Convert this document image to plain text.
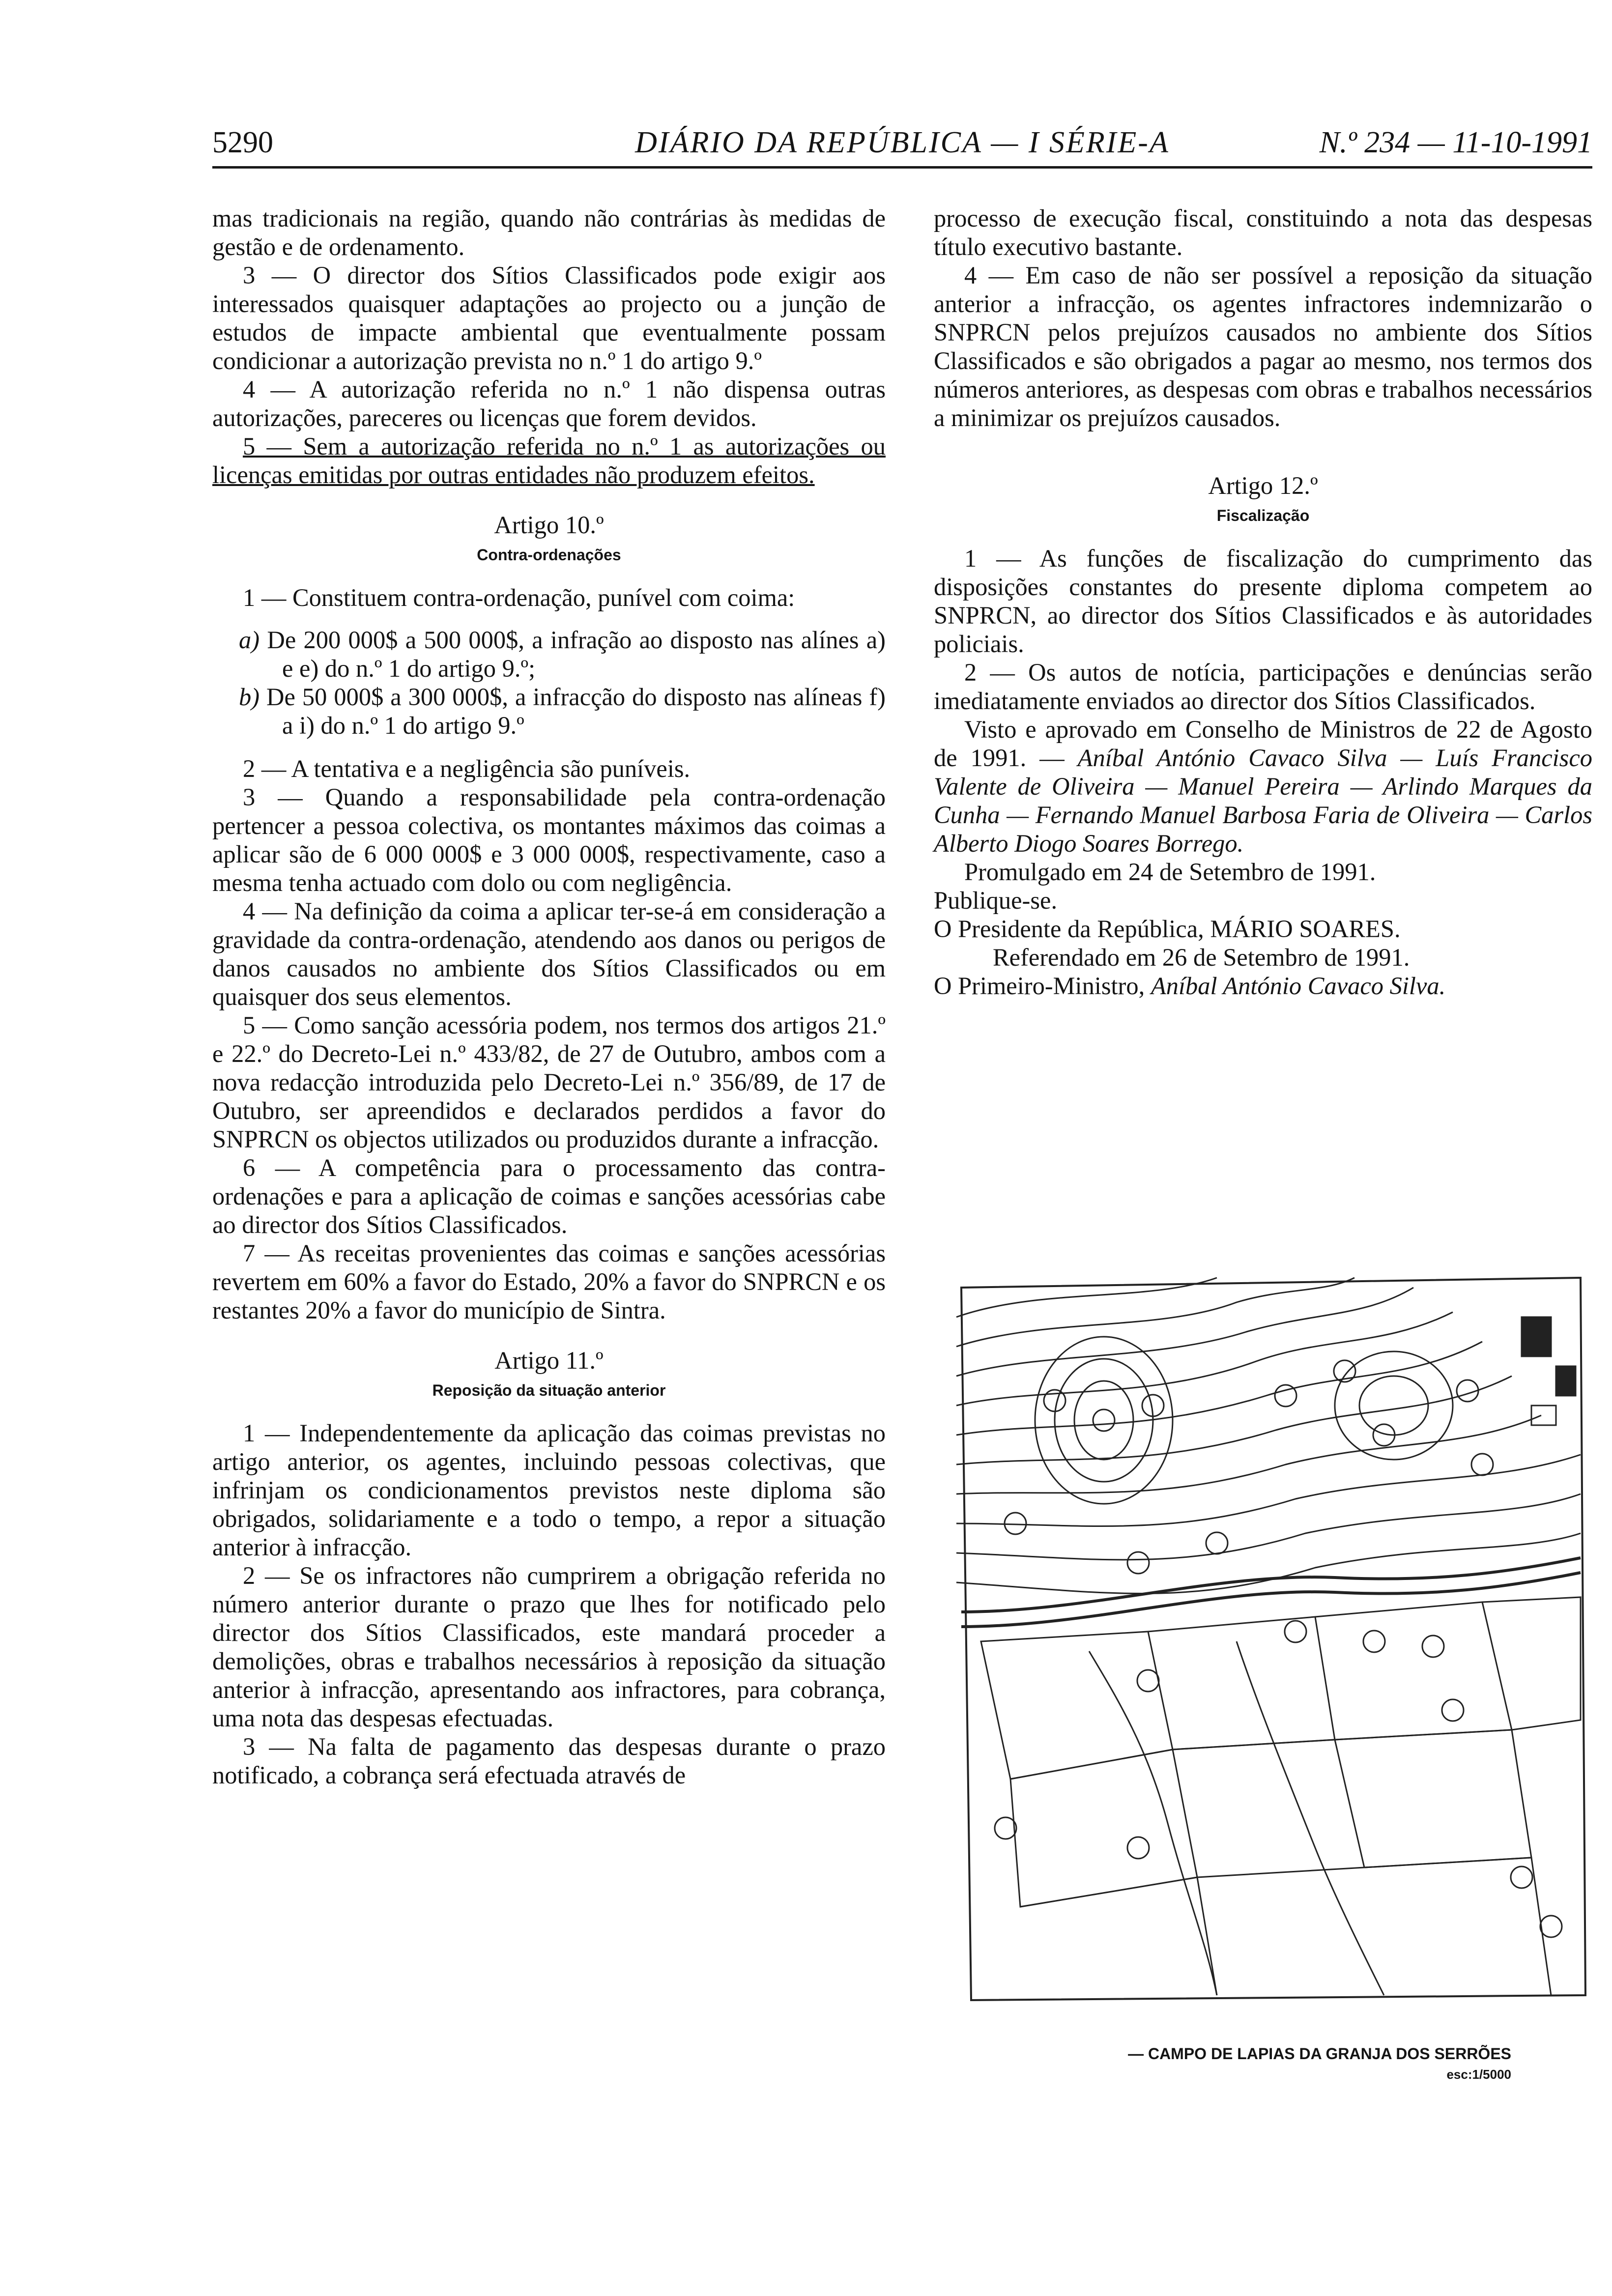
5290	DIÁRIO DA REPÚBLICA — I SÉRIE-A	N.º 234 — 11-10-1991

mas tradicionais na região, quando não contrárias às medidas de gestão e de ordenamento.

3 — O director dos Sítios Classificados pode exigir aos interessados quaisquer adaptações ao projecto ou a junção de estudos de impacte ambiental que eventualmente possam condicionar a autorização prevista no n.º 1 do artigo 9.º

4 — A autorização referida no n.º 1 não dispensa outras autorizações, pareceres ou licenças que forem devidos.

5 — Sem a autorização referida no n.º 1 as autorizações ou licenças emitidas por outras entidades não produzem efeitos.

Artigo 10.º
Contra-ordenações

1 — Constituem contra-ordenação, punível com coima:

a) De 200 000$ a 500 000$, a infração ao disposto nas alínes a) e e) do n.º 1 do artigo 9.º;
b) De 50 000$ a 300 000$, a infracção do disposto nas alíneas f) a i) do n.º 1 do artigo 9.º

2 — A tentativa e a negligência são puníveis.

3 — Quando a responsabilidade pela contra-ordenação pertencer a pessoa colectiva, os montantes máximos das coimas a aplicar são de 6 000 000$ e 3 000 000$, respectivamente, caso a mesma tenha actuado com dolo ou com negligência.

4 — Na definição da coima a aplicar ter-se-á em consideração a gravidade da contra-ordenação, atendendo aos danos ou perigos de danos causados no ambiente dos Sítios Classificados ou em quaisquer dos seus elementos.

5 — Como sanção acessória podem, nos termos dos artigos 21.º e 22.º do Decreto-Lei n.º 433/82, de 27 de Outubro, ambos com a nova redacção introduzida pelo Decreto-Lei n.º 356/89, de 17 de Outubro, ser apreendidos e declarados perdidos a favor do SNPRCN os objectos utilizados ou produzidos durante a infracção.

6 — A competência para o processamento das contra-ordenações e para a aplicação de coimas e sanções acessórias cabe ao director dos Sítios Classificados.

7 — As receitas provenientes das coimas e sanções acessórias revertem em 60% a favor do Estado, 20% a favor do SNPRCN e os restantes 20% a favor do município de Sintra.

Artigo 11.º
Reposição da situação anterior

1 — Independentemente da aplicação das coimas previstas no artigo anterior, os agentes, incluindo pessoas colectivas, que infrinjam os condicionamentos previstos neste diploma são obrigados, solidariamente e a todo o tempo, a repor a situação anterior à infracção.

2 — Se os infractores não cumprirem a obrigação referida no número anterior durante o prazo que lhes for notificado pelo director dos Sítios Classificados, este mandará proceder a demolições, obras e trabalhos necessários à reposição da situação anterior à infracção, apresentando aos infractores, para cobrança, uma nota das despesas efectuadas.

3 — Na falta de pagamento das despesas durante o prazo notificado, a cobrança será efectuada através de

processo de execução fiscal, constituindo a nota das despesas título executivo bastante.

4 — Em caso de não ser possível a reposição da situação anterior a infracção, os agentes infractores indemnizarão o SNPRCN pelos prejuízos causados no ambiente dos Sítios Classificados e são obrigados a pagar ao mesmo, nos termos dos números anteriores, as despesas com obras e trabalhos necessários a minimizar os prejuízos causados.

Artigo 12.º
Fiscalização

1 — As funções de fiscalização do cumprimento das disposições constantes do presente diploma competem ao SNPRCN, ao director dos Sítios Classificados e às autoridades policiais.

2 — Os autos de notícia, participações e denúncias serão imediatamente enviados ao director dos Sítios Classificados.

Visto e aprovado em Conselho de Ministros de 22 de Agosto de 1991. — Aníbal António Cavaco Silva — Luís Francisco Valente de Oliveira — Manuel Pereira — Arlindo Marques da Cunha — Fernando Manuel Barbosa Faria de Oliveira — Carlos Alberto Diogo Soares Borrego.

Promulgado em 24 de Setembro de 1991.

Publique-se.

O Presidente da República, MÁRIO SOARES.

Referendado em 26 de Setembro de 1991.

O Primeiro-Ministro, Aníbal António Cavaco Silva.

— CAMPO DE LAPIAS DA GRANJA DOS SERRÕES
esc:1/5000
